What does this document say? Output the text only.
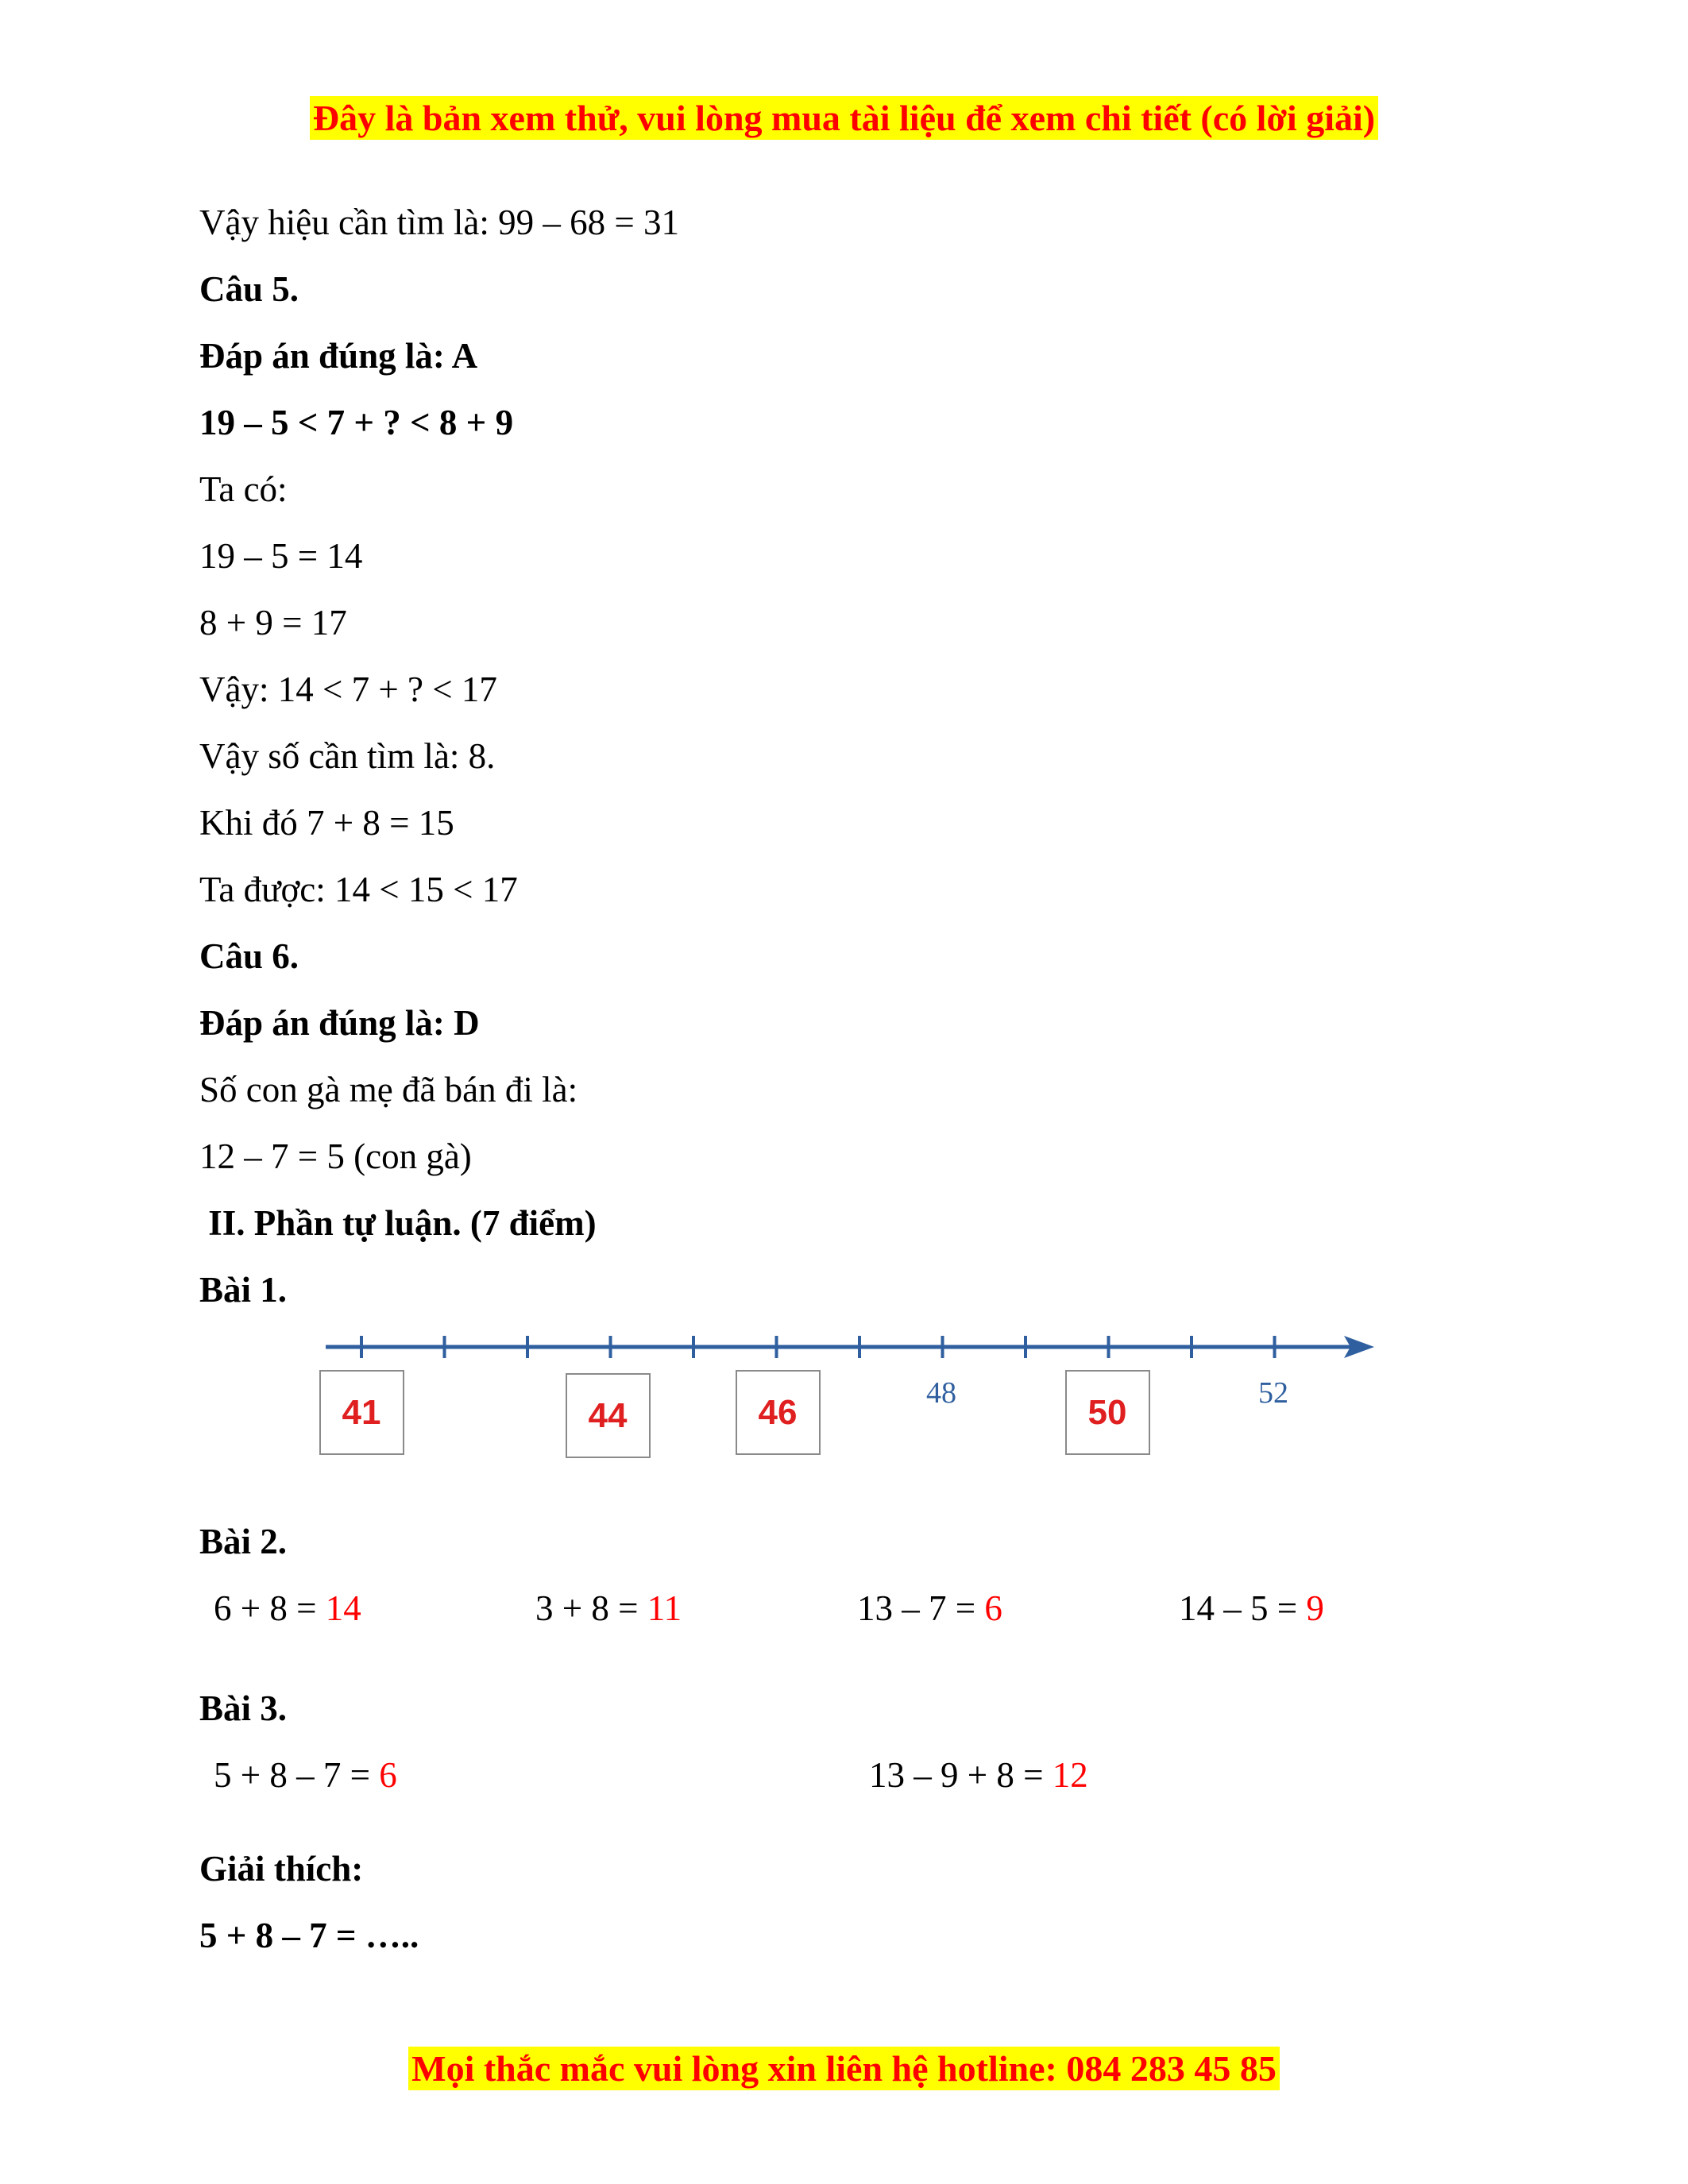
Đây là bản xem thử, vui lòng mua tài liệu để xem chi tiết (có lời giải)
Vậy hiệu cần tìm là: 99 – 68 = 31
Câu 5.
Đáp án đúng là: A
19 – 5 < 7 + ? < 8 + 9
Ta có:
19 – 5 = 14
8 + 9 = 17
Vậy: 14 < 7 + ? < 17
Vậy số cần tìm là: 8.
Khi đó 7 + 8 = 15
Ta được: 14 < 15 < 17
Câu 6.
Đáp án đúng là: D
Số con gà mẹ đã bán đi là:
12 – 7 = 5 (con gà)
II. Phần tự luận. (7 điểm)
Bài 1.
Bài 2.
6 + 8 = 14	3 + 8 = 11	13 – 7 = 6	14 – 5 = 9
Bài 3.
5 + 8 – 7 = 6	13 – 9 + 8 = 12
Giải thích:
5 + 8 – 7 = …..
41	44	46	48	50	52
Mọi thắc mắc vui lòng xin liên hệ hotline: 084 283 45 85
